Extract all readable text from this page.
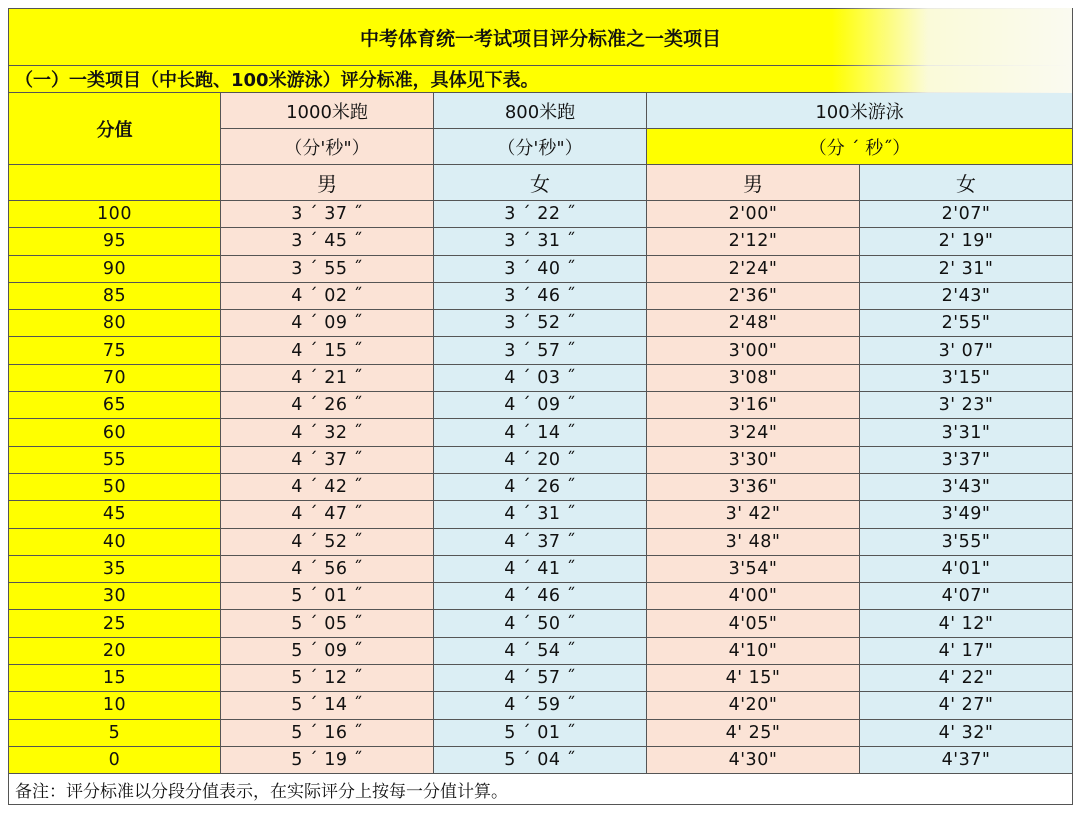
中考体育统一考试项目评分标准之一类项目				
（一）一类项目（中长跑、100米游泳）评分标准，具体见下表。				
分值	1000米跑	800米跑	100米游泳	
	（分'秒"）	（分'秒"）	（分 ´ 秒˝）	
	男	女	男	女
100	3 ´ 37 ˝	3 ´ 22 ˝	2'00"	2'07"
95	3 ´ 45 ˝	3 ´ 31 ˝	2'12"	2' 19"
90	3 ´ 55 ˝	3 ´ 40 ˝	2'24"	2' 31"
85	4 ´ 02 ˝	3 ´ 46 ˝	2'36"	2'43"
80	4 ´ 09 ˝	3 ´ 52 ˝	2'48"	2'55"
75	4 ´ 15 ˝	3 ´ 57 ˝	3'00"	3' 07"
70	4 ´ 21 ˝	4 ´ 03 ˝	3'08"	3'15"
65	4 ´ 26 ˝	4 ´ 09 ˝	3'16"	3' 23"
60	4 ´ 32 ˝	4 ´ 14 ˝	3'24"	3'31"
55	4 ´ 37 ˝	4 ´ 20 ˝	3'30"	3'37"
50	4 ´ 42 ˝	4 ´ 26 ˝	3'36"	3'43"
45	4 ´ 47 ˝	4 ´ 31 ˝	3' 42"	3'49"
40	4 ´ 52 ˝	4 ´ 37 ˝	3' 48"	3'55"
35	4 ´ 56 ˝	4 ´ 41 ˝	3'54"	4'01"
30	5 ´ 01 ˝	4 ´ 46 ˝	4'00"	4'07"
25	5 ´ 05 ˝	4 ´ 50 ˝	4'05"	4' 12"
20	5 ´ 09 ˝	4 ´ 54 ˝	4'10"	4' 17"
15	5 ´ 12 ˝	4 ´ 57 ˝	4' 15"	4' 22"
10	5 ´ 14 ˝	4 ´ 59 ˝	4'20"	4' 27"
5	5 ´ 16 ˝	5 ´ 01 ˝	4' 25"	4' 32"
0	5 ´ 19 ˝	5 ´ 04 ˝	4'30"	4'37"
备注：评分标准以分段分值表示，在实际评分上按每一分值计算。				
